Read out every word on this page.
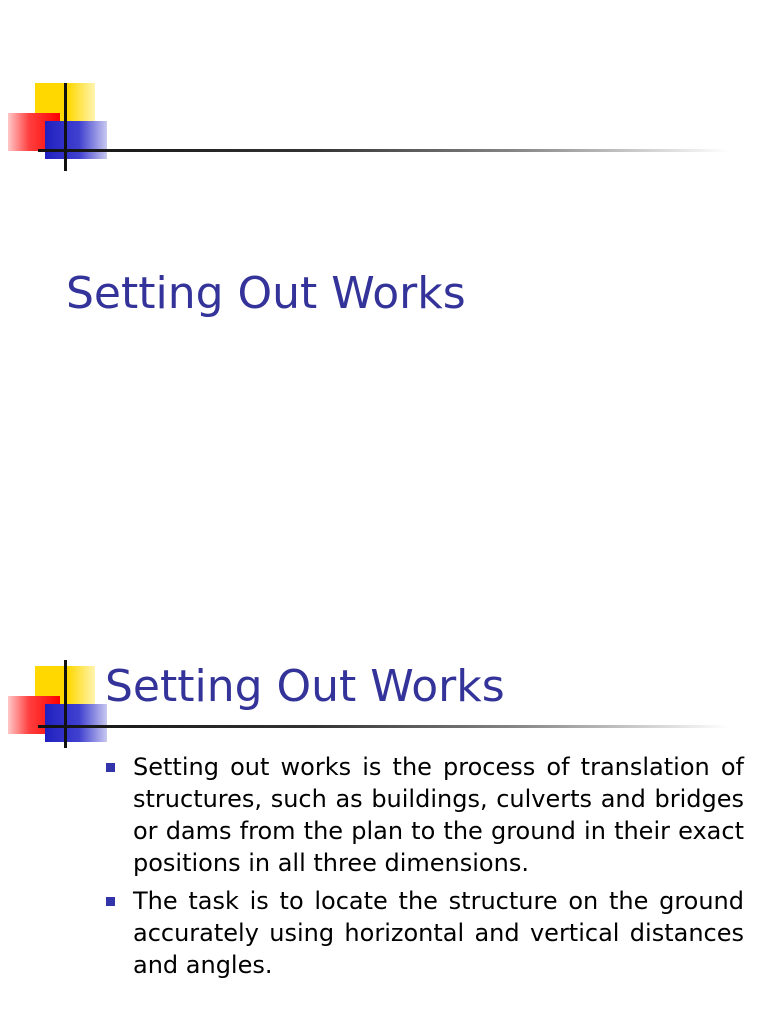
Setting Out Works
Setting Out Works
Setting out works is the process of translation of structures, such as buildings, culverts and bridges or dams from the plan to the ground in their exact positions in all three dimensions.
The task is to locate the structure on the ground accurately using horizontal and vertical distances and angles.
